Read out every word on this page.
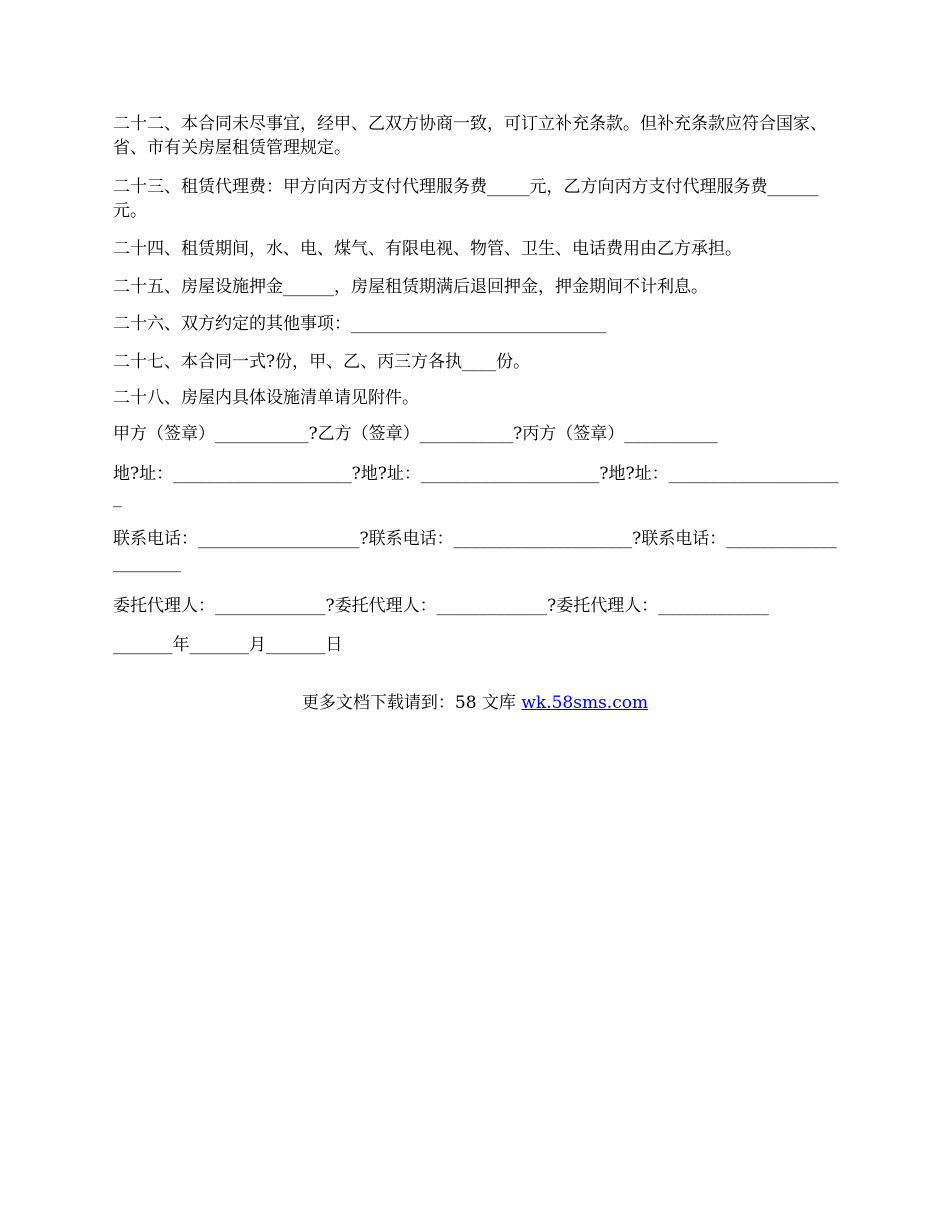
二十二、本合同未尽事宜，经甲、乙双方协商一致，可订立补充条款。但补充条款应符合国家、省、市有关房屋租赁管理规定。

二十三、租赁代理费：甲方向丙方支付代理服务费_____元，乙方向丙方支付代理服务费______元。

二十四、租赁期间，水、电、煤气、有限电视、物管、卫生、电话费用由乙方承担。

二十五、房屋设施押金______，房屋租赁期满后退回押金，押金期间不计利息。

二十六、双方约定的其他事项：______________________________

二十七、本合同一式?份，甲、乙、丙三方各执____份。

二十八、房屋内具体设施清单请见附件。

甲方（签章）___________?乙方（签章）___________?丙方（签章）___________

地?址：_____________________?地?址：_____________________?地?址：_____________________

联系电话：___________________?联系电话：_____________________?联系电话：_____________________

委托代理人：_____________?委托代理人：_____________?委托代理人：_____________

_______年_______月_______日

更多文档下载请到：58 文库 wk.58sms.com
